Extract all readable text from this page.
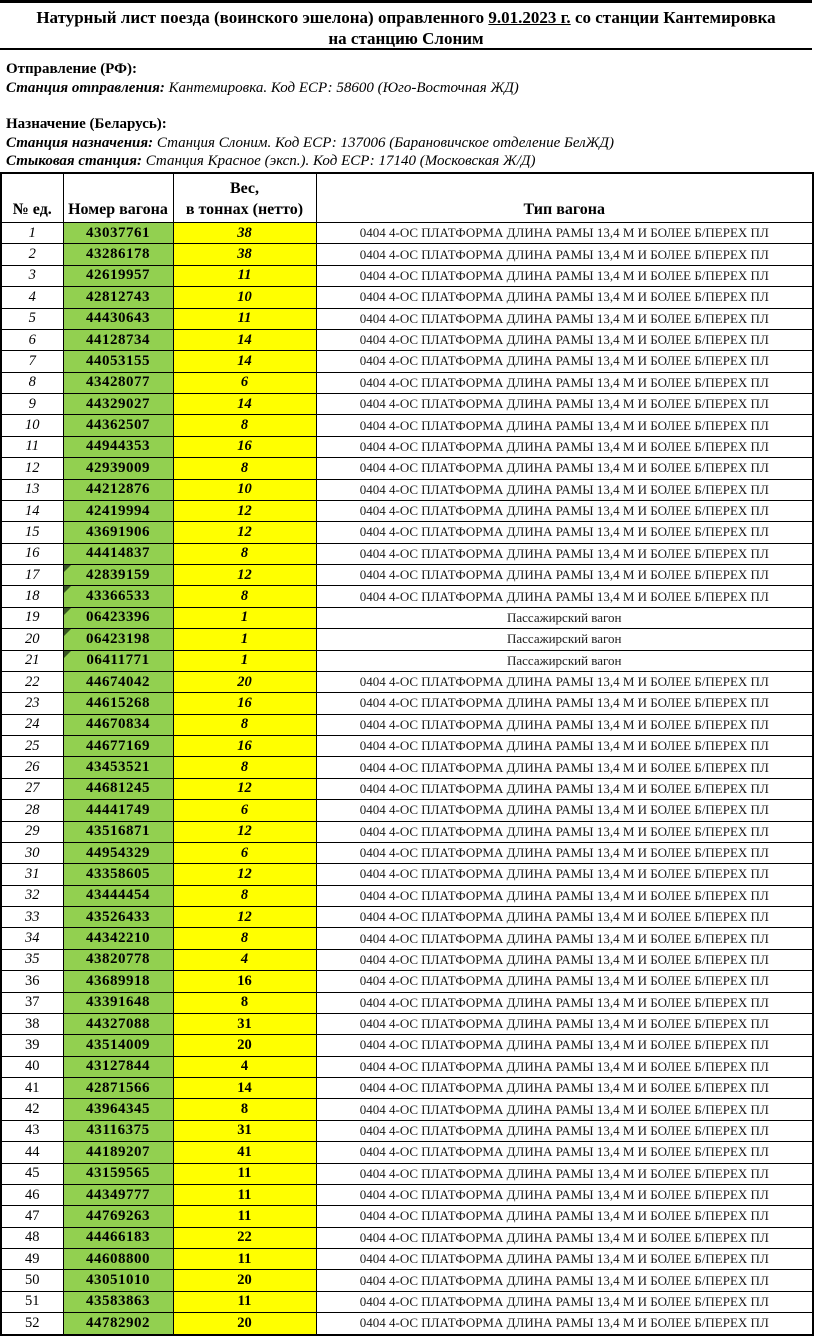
Натурный лист поезда (воинского эшелона) оправленного 9.01.2023 г. со станции Кантемировка на станцию Слоним

Отправление (РФ):

Станция отправления: Кантемировка. Код ЕСР: 58600 (Юго-Восточная ЖД)

Назначение (Беларусь):

Станция назначения: Станция Слоним. Код ЕСР: 137006 (Барановичское отделение БелЖД)

Стыковая станция: Станция Красное (эксп.). Код ЕСР: 17140 (Московская Ж/Д)

№ ед.	Номер вагона	Вес,
в тоннах (нетто)	Тип вагона
1	43037761	38	0404 4-ОС ПЛАТФОРМА ДЛИНА РАМЫ 13,4 М И БОЛЕЕ Б/ПЕРЕХ ПЛ
2	43286178	38	0404 4-ОС ПЛАТФОРМА ДЛИНА РАМЫ 13,4 М И БОЛЕЕ Б/ПЕРЕХ ПЛ
3	42619957	11	0404 4-ОС ПЛАТФОРМА ДЛИНА РАМЫ 13,4 М И БОЛЕЕ Б/ПЕРЕХ ПЛ
4	42812743	10	0404 4-ОС ПЛАТФОРМА ДЛИНА РАМЫ 13,4 М И БОЛЕЕ Б/ПЕРЕХ ПЛ
5	44430643	11	0404 4-ОС ПЛАТФОРМА ДЛИНА РАМЫ 13,4 М И БОЛЕЕ Б/ПЕРЕХ ПЛ
6	44128734	14	0404 4-ОС ПЛАТФОРМА ДЛИНА РАМЫ 13,4 М И БОЛЕЕ Б/ПЕРЕХ ПЛ
7	44053155	14	0404 4-ОС ПЛАТФОРМА ДЛИНА РАМЫ 13,4 М И БОЛЕЕ Б/ПЕРЕХ ПЛ
8	43428077	6	0404 4-ОС ПЛАТФОРМА ДЛИНА РАМЫ 13,4 М И БОЛЕЕ Б/ПЕРЕХ ПЛ
9	44329027	14	0404 4-ОС ПЛАТФОРМА ДЛИНА РАМЫ 13,4 М И БОЛЕЕ Б/ПЕРЕХ ПЛ
10	44362507	8	0404 4-ОС ПЛАТФОРМА ДЛИНА РАМЫ 13,4 М И БОЛЕЕ Б/ПЕРЕХ ПЛ
11	44944353	16	0404 4-ОС ПЛАТФОРМА ДЛИНА РАМЫ 13,4 М И БОЛЕЕ Б/ПЕРЕХ ПЛ
12	42939009	8	0404 4-ОС ПЛАТФОРМА ДЛИНА РАМЫ 13,4 М И БОЛЕЕ Б/ПЕРЕХ ПЛ
13	44212876	10	0404 4-ОС ПЛАТФОРМА ДЛИНА РАМЫ 13,4 М И БОЛЕЕ Б/ПЕРЕХ ПЛ
14	42419994	12	0404 4-ОС ПЛАТФОРМА ДЛИНА РАМЫ 13,4 М И БОЛЕЕ Б/ПЕРЕХ ПЛ
15	43691906	12	0404 4-ОС ПЛАТФОРМА ДЛИНА РАМЫ 13,4 М И БОЛЕЕ Б/ПЕРЕХ ПЛ
16	44414837	8	0404 4-ОС ПЛАТФОРМА ДЛИНА РАМЫ 13,4 М И БОЛЕЕ Б/ПЕРЕХ ПЛ
17	42839159	12	0404 4-ОС ПЛАТФОРМА ДЛИНА РАМЫ 13,4 М И БОЛЕЕ Б/ПЕРЕХ ПЛ
18	43366533	8	0404 4-ОС ПЛАТФОРМА ДЛИНА РАМЫ 13,4 М И БОЛЕЕ Б/ПЕРЕХ ПЛ
19	06423396	1	Пассажирский вагон
20	06423198	1	Пассажирский вагон
21	06411771	1	Пассажирский вагон
22	44674042	20	0404 4-ОС ПЛАТФОРМА ДЛИНА РАМЫ 13,4 М И БОЛЕЕ Б/ПЕРЕХ ПЛ
23	44615268	16	0404 4-ОС ПЛАТФОРМА ДЛИНА РАМЫ 13,4 М И БОЛЕЕ Б/ПЕРЕХ ПЛ
24	44670834	8	0404 4-ОС ПЛАТФОРМА ДЛИНА РАМЫ 13,4 М И БОЛЕЕ Б/ПЕРЕХ ПЛ
25	44677169	16	0404 4-ОС ПЛАТФОРМА ДЛИНА РАМЫ 13,4 М И БОЛЕЕ Б/ПЕРЕХ ПЛ
26	43453521	8	0404 4-ОС ПЛАТФОРМА ДЛИНА РАМЫ 13,4 М И БОЛЕЕ Б/ПЕРЕХ ПЛ
27	44681245	12	0404 4-ОС ПЛАТФОРМА ДЛИНА РАМЫ 13,4 М И БОЛЕЕ Б/ПЕРЕХ ПЛ
28	44441749	6	0404 4-ОС ПЛАТФОРМА ДЛИНА РАМЫ 13,4 М И БОЛЕЕ Б/ПЕРЕХ ПЛ
29	43516871	12	0404 4-ОС ПЛАТФОРМА ДЛИНА РАМЫ 13,4 М И БОЛЕЕ Б/ПЕРЕХ ПЛ
30	44954329	6	0404 4-ОС ПЛАТФОРМА ДЛИНА РАМЫ 13,4 М И БОЛЕЕ Б/ПЕРЕХ ПЛ
31	43358605	12	0404 4-ОС ПЛАТФОРМА ДЛИНА РАМЫ 13,4 М И БОЛЕЕ Б/ПЕРЕХ ПЛ
32	43444454	8	0404 4-ОС ПЛАТФОРМА ДЛИНА РАМЫ 13,4 М И БОЛЕЕ Б/ПЕРЕХ ПЛ
33	43526433	12	0404 4-ОС ПЛАТФОРМА ДЛИНА РАМЫ 13,4 М И БОЛЕЕ Б/ПЕРЕХ ПЛ
34	44342210	8	0404 4-ОС ПЛАТФОРМА ДЛИНА РАМЫ 13,4 М И БОЛЕЕ Б/ПЕРЕХ ПЛ
35	43820778	4	0404 4-ОС ПЛАТФОРМА ДЛИНА РАМЫ 13,4 М И БОЛЕЕ Б/ПЕРЕХ ПЛ
36	43689918	16	0404 4-ОС ПЛАТФОРМА ДЛИНА РАМЫ 13,4 М И БОЛЕЕ Б/ПЕРЕХ ПЛ
37	43391648	8	0404 4-ОС ПЛАТФОРМА ДЛИНА РАМЫ 13,4 М И БОЛЕЕ Б/ПЕРЕХ ПЛ
38	44327088	31	0404 4-ОС ПЛАТФОРМА ДЛИНА РАМЫ 13,4 М И БОЛЕЕ Б/ПЕРЕХ ПЛ
39	43514009	20	0404 4-ОС ПЛАТФОРМА ДЛИНА РАМЫ 13,4 М И БОЛЕЕ Б/ПЕРЕХ ПЛ
40	43127844	4	0404 4-ОС ПЛАТФОРМА ДЛИНА РАМЫ 13,4 М И БОЛЕЕ Б/ПЕРЕХ ПЛ
41	42871566	14	0404 4-ОС ПЛАТФОРМА ДЛИНА РАМЫ 13,4 М И БОЛЕЕ Б/ПЕРЕХ ПЛ
42	43964345	8	0404 4-ОС ПЛАТФОРМА ДЛИНА РАМЫ 13,4 М И БОЛЕЕ Б/ПЕРЕХ ПЛ
43	43116375	31	0404 4-ОС ПЛАТФОРМА ДЛИНА РАМЫ 13,4 М И БОЛЕЕ Б/ПЕРЕХ ПЛ
44	44189207	41	0404 4-ОС ПЛАТФОРМА ДЛИНА РАМЫ 13,4 М И БОЛЕЕ Б/ПЕРЕХ ПЛ
45	43159565	11	0404 4-ОС ПЛАТФОРМА ДЛИНА РАМЫ 13,4 М И БОЛЕЕ Б/ПЕРЕХ ПЛ
46	44349777	11	0404 4-ОС ПЛАТФОРМА ДЛИНА РАМЫ 13,4 М И БОЛЕЕ Б/ПЕРЕХ ПЛ
47	44769263	11	0404 4-ОС ПЛАТФОРМА ДЛИНА РАМЫ 13,4 М И БОЛЕЕ Б/ПЕРЕХ ПЛ
48	44466183	22	0404 4-ОС ПЛАТФОРМА ДЛИНА РАМЫ 13,4 М И БОЛЕЕ Б/ПЕРЕХ ПЛ
49	44608800	11	0404 4-ОС ПЛАТФОРМА ДЛИНА РАМЫ 13,4 М И БОЛЕЕ Б/ПЕРЕХ ПЛ
50	43051010	20	0404 4-ОС ПЛАТФОРМА ДЛИНА РАМЫ 13,4 М И БОЛЕЕ Б/ПЕРЕХ ПЛ
51	43583863	11	0404 4-ОС ПЛАТФОРМА ДЛИНА РАМЫ 13,4 М И БОЛЕЕ Б/ПЕРЕХ ПЛ
52	44782902	20	0404 4-ОС ПЛАТФОРМА ДЛИНА РАМЫ 13,4 М И БОЛЕЕ Б/ПЕРЕХ ПЛ
